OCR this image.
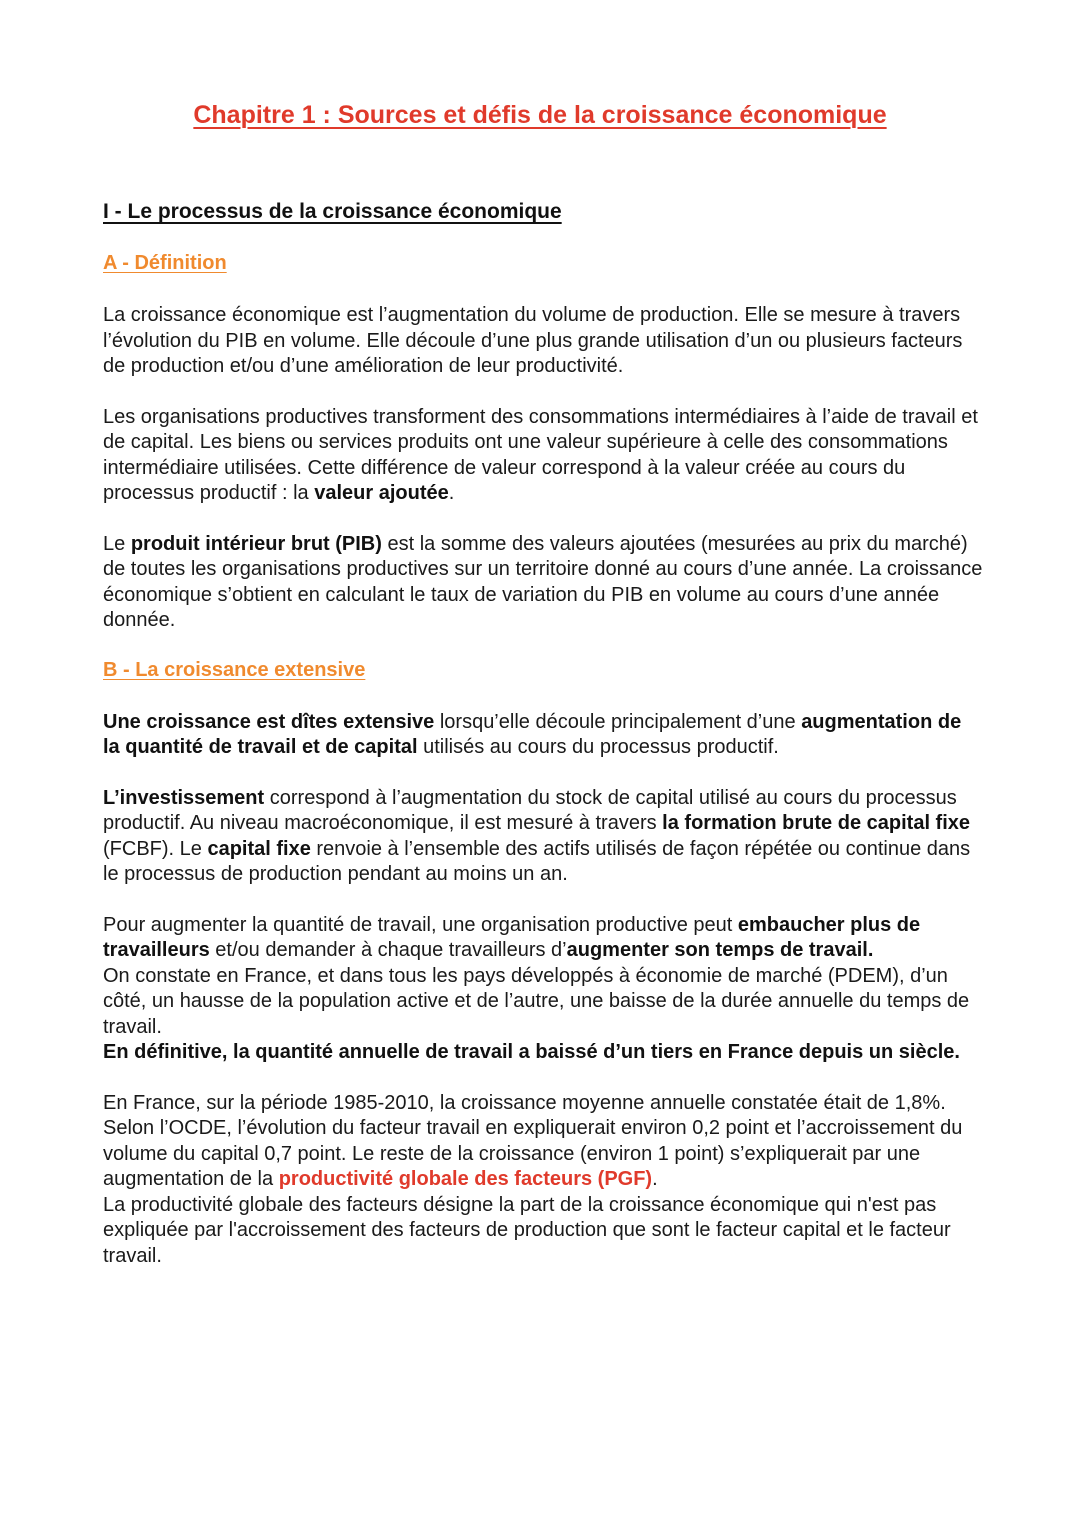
Chapitre 1 : Sources et défis de la croissance économique
I - Le processus de la croissance économique
A - Définition

La croissance économique est l’augmentation du volume de production. Elle se mesure à travers l’évolution du PIB en volume. Elle découle d’une plus grande utilisation d’un ou plusieurs facteurs de production et/ou d’une amélioration de leur productivité.

Les organisations productives transforment des consommations intermédiaires à l’aide de travail et de capital. Les biens ou services produits ont une valeur supérieure à celle des consommations intermédiaire utilisées. Cette différence de valeur correspond à la valeur créée au cours du processus productif : la valeur ajoutée.

Le produit intérieur brut (PIB) est la somme des valeurs ajoutées (mesurées au prix du marché) de toutes les organisations productives sur un territoire donné au cours d’une année. La croissance économique s’obtient en calculant le taux de variation du PIB en volume au cours d’une année donnée.

B - La croissance extensive

Une croissance est dîtes extensive lorsqu’elle découle principalement d’une augmentation de la quantité de travail et de capital utilisés au cours du processus productif.

L’investissement correspond à l’augmentation du stock de capital utilisé au cours du processus productif. Au niveau macroéconomique, il est mesuré à travers la formation brute de capital fixe (FCBF). Le capital fixe renvoie à l’ensemble des actifs utilisés de façon répétée ou continue dans le processus de production pendant au moins un an.

Pour augmenter la quantité de travail, une organisation productive peut embaucher plus de travailleurs et/ou demander à chaque travailleurs d’augmenter son temps de travail.

On constate en France, et dans tous les pays développés à économie de marché (PDEM), d’un côté, un hausse de la population active et de l’autre, une baisse de la durée annuelle du temps de travail.

En définitive, la quantité annuelle de travail a baissé d’un tiers en France depuis un siècle.

En France, sur la période 1985-2010, la croissance moyenne annuelle constatée était de 1,8%. Selon l’OCDE, l’évolution du facteur travail en expliquerait environ 0,2 point et l’accroissement du volume du capital 0,7 point. Le reste de la croissance (environ 1 point) s’expliquerait par une augmentation de la productivité globale des facteurs (PGF).

La productivité globale des facteurs désigne la part de la croissance économique qui n'est pas expliquée par l'accroissement des facteurs de production que sont le facteur capital et le facteur travail.
